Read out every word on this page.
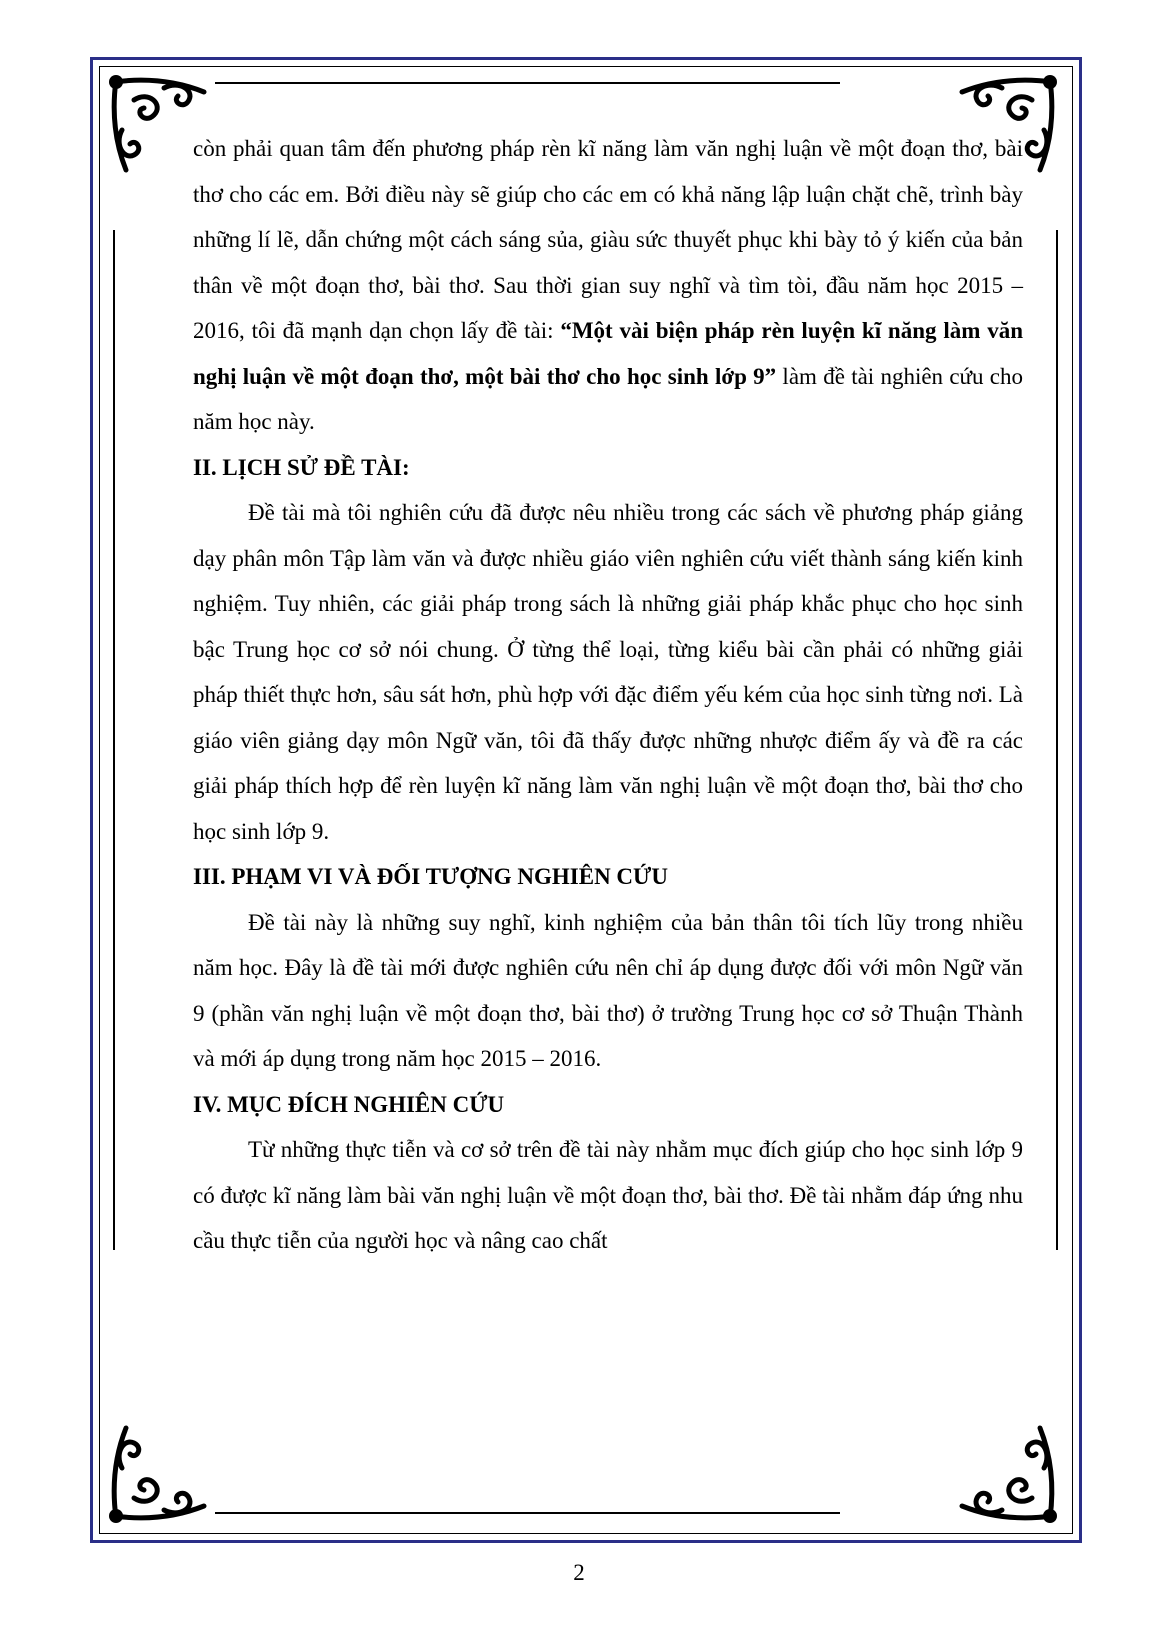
còn phải quan tâm đến phương pháp rèn kĩ năng làm văn nghị luận về một đoạn thơ, bài thơ cho các em. Bởi điều này sẽ giúp cho các em có khả năng lập luận chặt chẽ, trình bày những lí lẽ, dẫn chứng một cách sáng sủa, giàu sức thuyết phục khi bày tỏ ý kiến của bản thân về một đoạn thơ, bài thơ. Sau thời gian suy nghĩ và tìm tòi, đầu năm học 2015 – 2016, tôi đã mạnh dạn chọn lấy đề tài: “Một vài biện pháp rèn luyện kĩ năng làm văn nghị luận về một đoạn thơ, một bài thơ cho học sinh lớp 9” làm đề tài nghiên cứu cho năm học này.

II. LỊCH SỬ ĐỀ TÀI:

Đề tài mà tôi nghiên cứu đã được nêu nhiều trong các sách về phương pháp giảng dạy phân môn Tập làm văn và được nhiều giáo viên nghiên cứu viết thành sáng kiến kinh nghiệm. Tuy nhiên, các giải pháp trong sách là những giải pháp khắc phục cho học sinh bậc Trung học cơ sở nói chung. Ở từng thể loại, từng kiểu bài cần phải có những giải pháp thiết thực hơn, sâu sát hơn, phù hợp với đặc điểm yếu kém của học sinh từng nơi. Là giáo viên giảng dạy môn Ngữ văn, tôi đã thấy được những nhược điểm ấy và đề ra các giải pháp thích hợp để rèn luyện kĩ năng làm văn nghị luận về một đoạn thơ, bài thơ cho học sinh lớp 9.

III. PHẠM VI VÀ ĐỐI TƯỢNG NGHIÊN CỨU

Đề tài này là những suy nghĩ, kinh nghiệm của bản thân tôi tích lũy trong nhiều năm học. Đây là đề tài mới được nghiên cứu nên chỉ áp dụng được đối với môn Ngữ văn 9 (phần văn nghị luận về một đoạn thơ, bài thơ) ở trường Trung học cơ sở Thuận Thành và mới áp dụng trong năm học 2015 – 2016.

IV. MỤC ĐÍCH NGHIÊN CỨU

Từ những thực tiễn và cơ sở trên đề tài này nhằm mục đích giúp cho học sinh lớp 9 có được kĩ năng làm bài văn nghị luận về một đoạn thơ, bài thơ. Đề tài nhằm đáp ứng nhu cầu thực tiễn của người học và nâng cao chất

2
